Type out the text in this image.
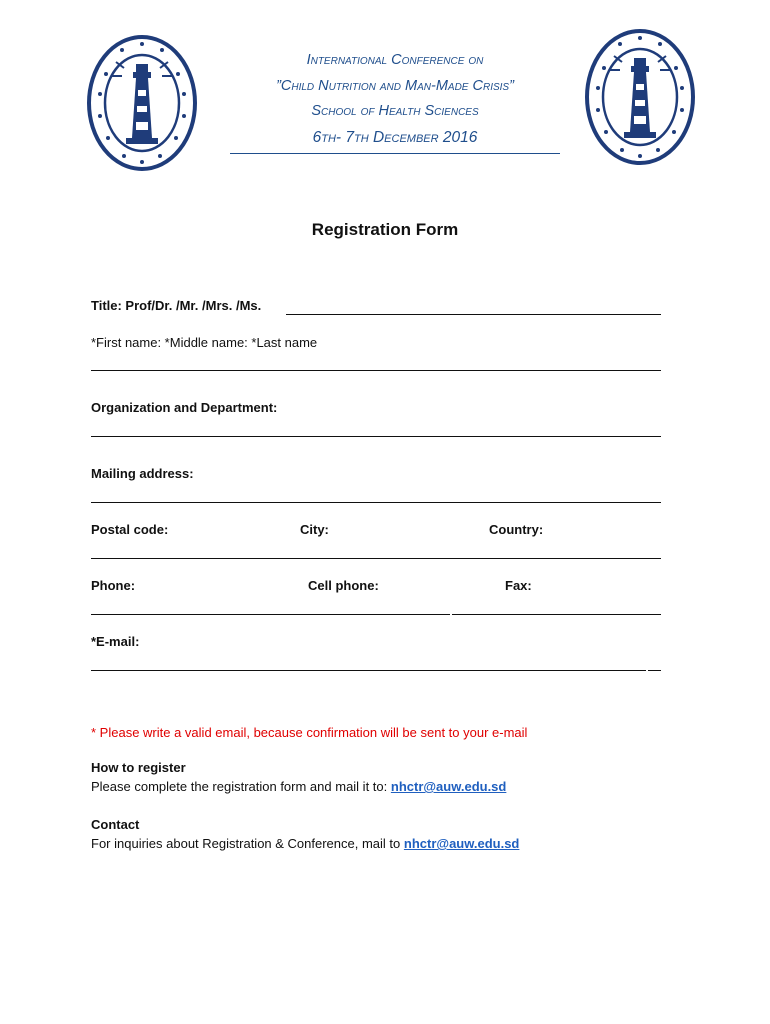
International Conference on
”Child Nutrition and Man-Made Crisis”
School of Health Sciences
6th- 7th December 2016
Registration Form
Title: Prof/Dr. /Mr. /Mrs. /Ms.
*First name: *Middle name: *Last name
Organization and Department:
Mailing address:
Postal code:	City:	Country:
Phone:	Cell phone:	Fax:
*E-mail:
* Please write a valid email, because confirmation will be sent to your e-mail
How to register
Please complete the registration form and mail it to: nhctr@auw.edu.sd
Contact
For inquiries about Registration & Conference, mail to nhctr@auw.edu.sd
